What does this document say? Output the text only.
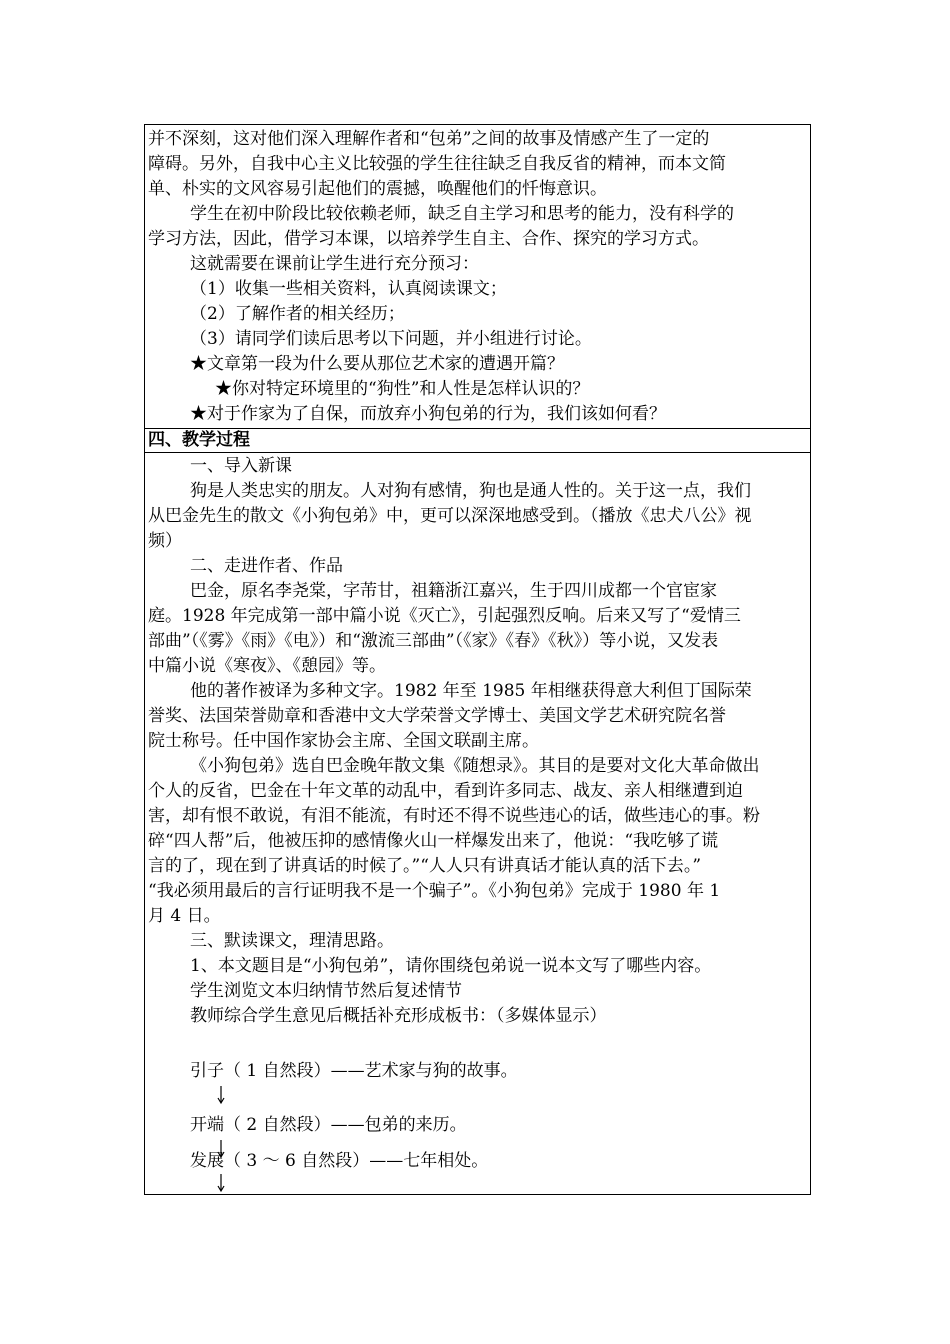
并不深刻，这对他们深入理解作者和“包弟”之间的故事及情感产生了一定的
障碍。另外，自我中心主义比较强的学生往往缺乏自我反省的精神，而本文简
单、朴实的文风容易引起他们的震撼，唤醒他们的忏悔意识。
学生在初中阶段比较依赖老师，缺乏自主学习和思考的能力，没有科学的
学习方法，因此，借学习本课，以培养学生自主、合作、探究的学习方式。
这就需要在课前让学生进行充分预习：
（1）收集一些相关资料，认真阅读课文；
（2）了解作者的相关经历；
（3）请同学们读后思考以下问题，并小组进行讨论。
★文章第一段为什么要从那位艺术家的遭遇开篇？
★你对特定环境里的“狗性”和人性是怎样认识的？
★对于作家为了自保，而放弃小狗包弟的行为，我们该如何看？
四、教学过程
一、导入新课
狗是人类忠实的朋友。人对狗有感情，狗也是通人性的。关于这一点，我们
从巴金先生的散文《小狗包弟》中，更可以深深地感受到。（播放《忠犬八公》视
频）
二、走进作者、作品
巴金，原名李尧棠，字芾甘，祖籍浙江嘉兴，生于四川成都一个官宦家
庭。1928 年完成第一部中篇小说《灭亡》，引起强烈反响。后来又写了“爱情三
部曲”（《雾》《雨》《电》）和“激流三部曲”（《家》《春》《秋》）等小说，又发表
中篇小说《寒夜》、《憩园》等。
他的著作被译为多种文字。1982 年至 1985 年相继获得意大利但丁国际荣
誉奖、法国荣誉勋章和香港中文大学荣誉文学博士、美国文学艺术研究院名誉
院士称号。任中国作家协会主席、全国文联副主席。
《小狗包弟》选自巴金晚年散文集《随想录》。其目的是要对文化大革命做出
个人的反省，巴金在十年文革的动乱中，看到许多同志、战友、亲人相继遭到迫
害，却有恨不敢说，有泪不能流，有时还不得不说些违心的话，做些违心的事。粉
碎“四人帮”后，他被压抑的感情像火山一样爆发出来了，他说：“我吃够了谎
言的了，现在到了讲真话的时候了。”“人人只有讲真话才能认真的活下去。”
“我必须用最后的言行证明我不是一个骗子”。《小狗包弟》完成于 1980 年 1
月 4 日。
三、默读课文，理清思路。
1、本文题目是“小狗包弟”，请你围绕包弟说一说本文写了哪些内容。
学生浏览文本归纳情节然后复述情节
教师综合学生意见后概括补充形成板书：（多媒体显示）
引子（ 1 自然段）——艺术家与狗的故事。
开端（ 2 自然段）——包弟的来历。
发展（ 3 ～ 6 自然段）——七年相处。
